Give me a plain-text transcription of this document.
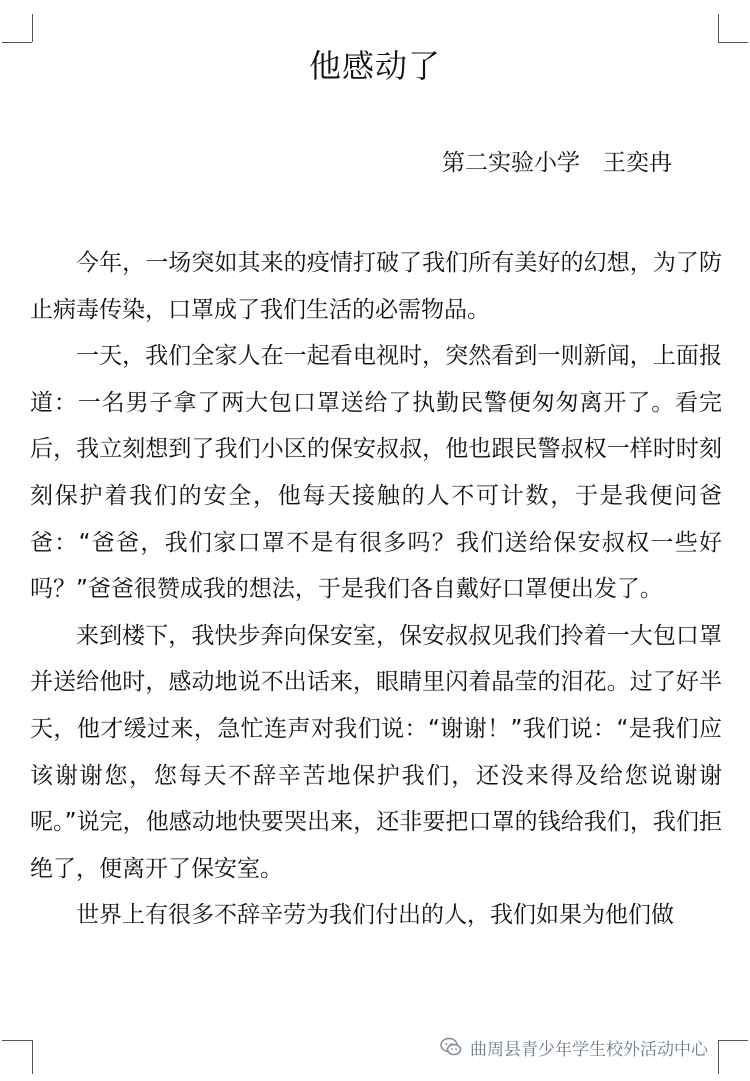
他感动了
第二实验小学　王奕冉

今年，一场突如其来的疫情打破了我们所有美好的幻想，为了防止病毒传染，口罩成了我们生活的必需物品。

一天，我们全家人在一起看电视时，突然看到一则新闻，上面报道：一名男子拿了两大包口罩送给了执勤民警便匆匆离开了。看完后，我立刻想到了我们小区的保安叔叔，他也跟民警叔权一样时时刻刻保护着我们的安全，他每天接触的人不可计数，于是我便问爸爸：“爸爸，我们家口罩不是有很多吗？我们送给保安叔权一些好吗？”爸爸很赞成我的想法，于是我们各自戴好口罩便出发了。

来到楼下，我快步奔向保安室，保安叔叔见我们拎着一大包口罩并送给他时，感动地说不出话来，眼睛里闪着晶莹的泪花。过了好半天，他才缓过来，急忙连声对我们说：“谢谢！”我们说：“是我们应该谢谢您，您每天不辞辛苦地保护我们，还没来得及给您说谢谢呢。”说完，他感动地快要哭出来，还非要把口罩的钱给我们，我们拒绝了，便离开了保安室。

世界上有很多不辞辛劳为我们付出的人，我们如果为他们做

曲周县青少年学生校外活动中心
